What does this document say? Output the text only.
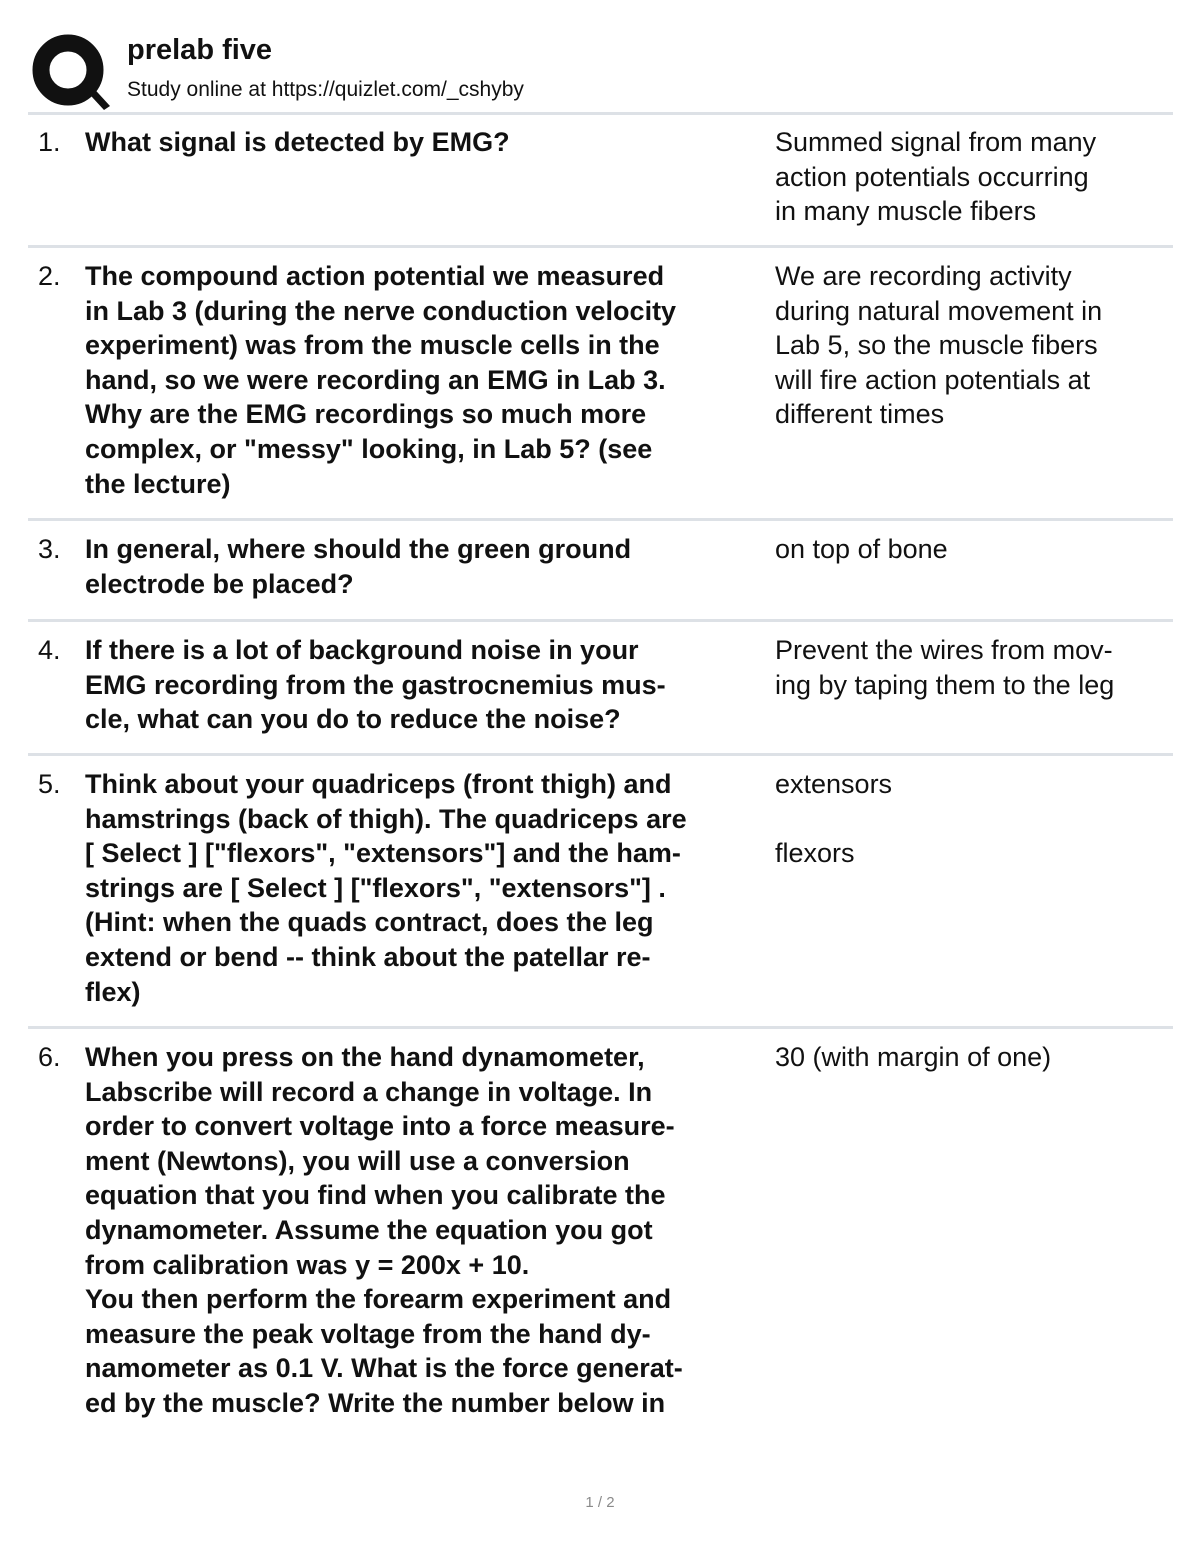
prelab five
Study online at https://quizlet.com/_cshyby
1. What signal is detected by EMG?	Summed signal from many
action potentials occurring
in many muscle fibers
2. The compound action potential we measured
in Lab 3 (during the nerve conduction velocity
experiment) was from the muscle cells in the
hand, so we were recording an EMG in Lab 3.
Why are the EMG recordings so much more
complex, or "messy" looking, in Lab 5? (see
the lecture)
We are recording activity
during natural movement in
Lab 5, so the muscle fibers
will fire action potentials at
different times
3. In general, where should the green ground
electrode be placed?
on top of bone
4. If there is a lot of background noise in your
EMG recording from the gastrocnemius mus-
cle, what can you do to reduce the noise?
Prevent the wires from mov-
ing by taping them to the leg
5. Think about your quadriceps (front thigh) and
hamstrings (back of thigh). The quadriceps are
[ Select ] ["flexors", "extensors"] and the ham-
strings are [ Select ] ["flexors", "extensors"] .
(Hint: when the quads contract, does the leg
extend or bend -- think about the patellar re-
flex)
extensors
flexors
6. When you press on the hand dynamometer,
Labscribe will record a change in voltage. In
order to convert voltage into a force measure-
ment (Newtons), you will use a conversion
equation that you find when you calibrate the
dynamometer. Assume the equation you got
from calibration was y = 200x + 10.
You then perform the forearm experiment and
measure the peak voltage from the hand dy-
namometer as 0.1 V. What is the force generat-
ed by the muscle? Write the number below in
30 (with margin of one)
1 / 2
